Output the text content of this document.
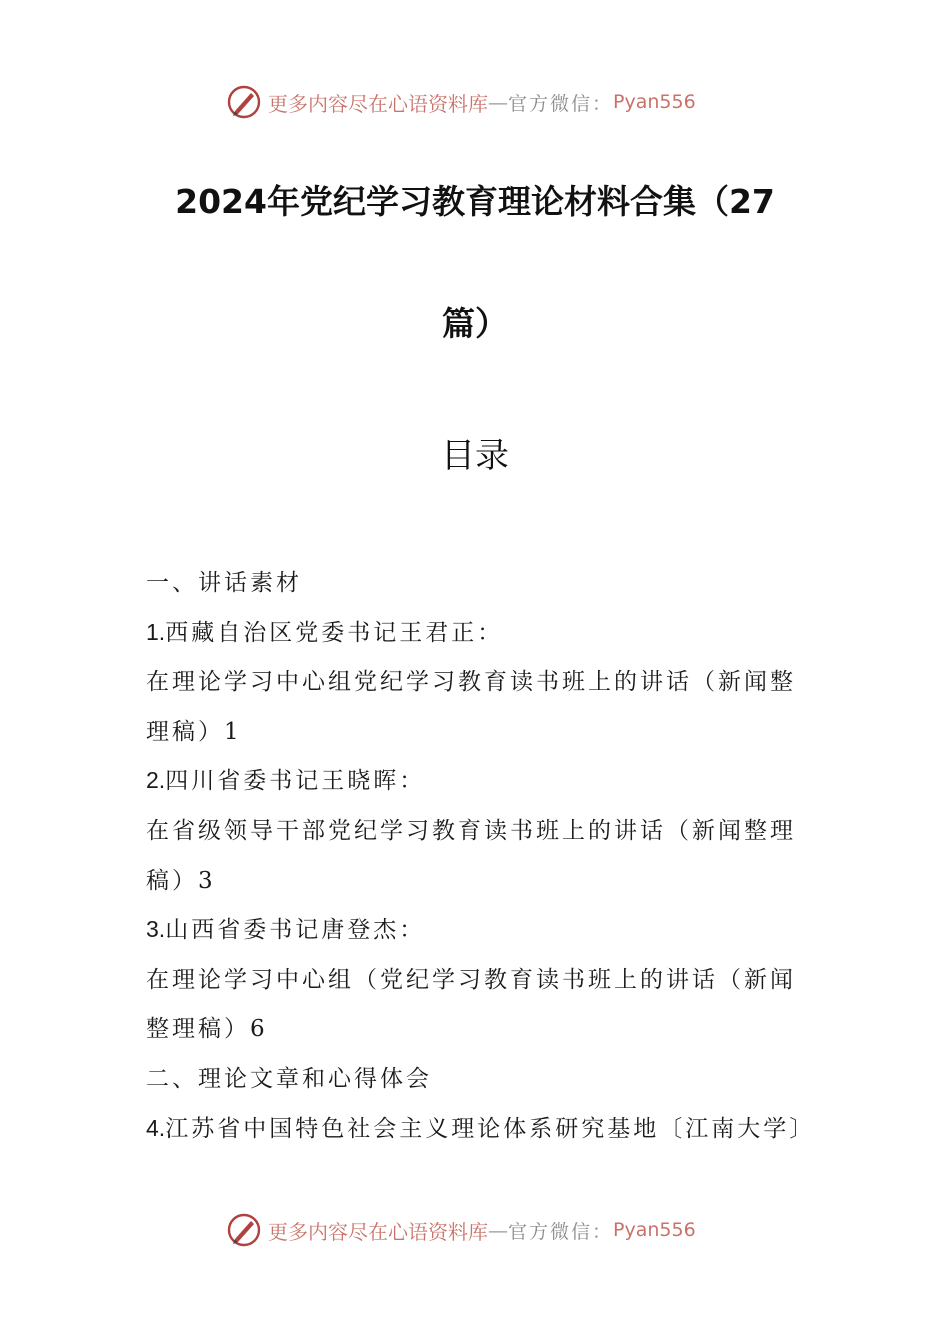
更多内容尽在心语资料库 — 官方微信： Pyan556
2024年党纪学习教育理论材料合集（27
篇）
目录
一、讲话素材
1.西藏自治区党委书记王君正：
在理论学习中心组党纪学习教育读书班上的讲话（新闻整
理稿）1
2.四川省委书记王晓晖：
在省级领导干部党纪学习教育读书班上的讲话（新闻整理
稿）3
3.山西省委书记唐登杰：
在理论学习中心组（党纪学习教育读书班上的讲话（新闻
整理稿）6
二、理论文章和心得体会
4.江苏省中国特色社会主义理论体系研究基地〔江南大学〕
更多内容尽在心语资料库 — 官方微信： Pyan556
